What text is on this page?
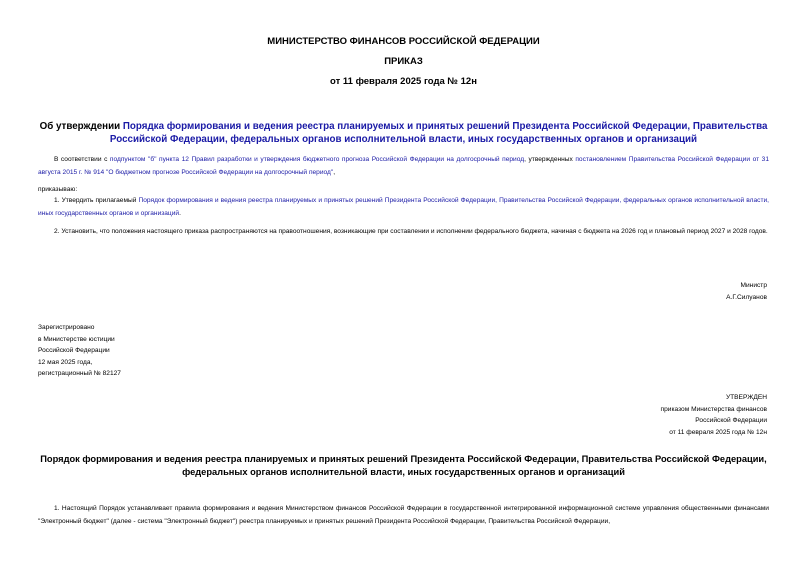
МИНИСТЕРСТВО ФИНАНСОВ РОССИЙСКОЙ ФЕДЕРАЦИИ
ПРИКАЗ
от 11 февраля 2025 года № 12н
Об утверждении Порядка формирования и ведения реестра планируемых и принятых решений Президента Российской Федерации, Правительства Российской Федерации, федеральных органов исполнительной власти, иных государственных органов и организаций
В соответствии с подпунктом "б" пункта 12 Правил разработки и утверждения бюджетного прогноза Российской Федерации на долгосрочный период, утвержденных постановлением Правительства Российской Федерации от 31 августа 2015 г. № 914 "О бюджетном прогнозе Российской Федерации на долгосрочный период",
приказываю:
1. Утвердить прилагаемый Порядок формирования и ведения реестра планируемых и принятых решений Президента Российской Федерации, Правительства Российской Федерации, федеральных органов исполнительной власти, иных государственных органов и организаций.
2. Установить, что положения настоящего приказа распространяются на правоотношения, возникающие при составлении и исполнении федерального бюджета, начиная с бюджета на 2026 год и плановый период 2027 и 2028 годов.
Министр
А.Г.Силуанов
Зарегистрировано
в Министерстве юстиции
Российской Федерации
12 мая 2025 года,
регистрационный № 82127
УТВЕРЖДЕН
приказом Министерства финансов
Российской Федерации
от 11 февраля 2025 года № 12н
Порядок формирования и ведения реестра планируемых и принятых решений Президента Российской Федерации, Правительства Российской Федерации, федеральных органов исполнительной власти, иных государственных органов и организаций
1. Настоящий Порядок устанавливает правила формирования и ведения Министерством финансов Российской Федерации в государственной интегрированной информационной системе управления общественными финансами "Электронный бюджет" (далее - система "Электронный бюджет") реестра планируемых и принятых решений Президента Российской Федерации, Правительства Российской Федерации,
